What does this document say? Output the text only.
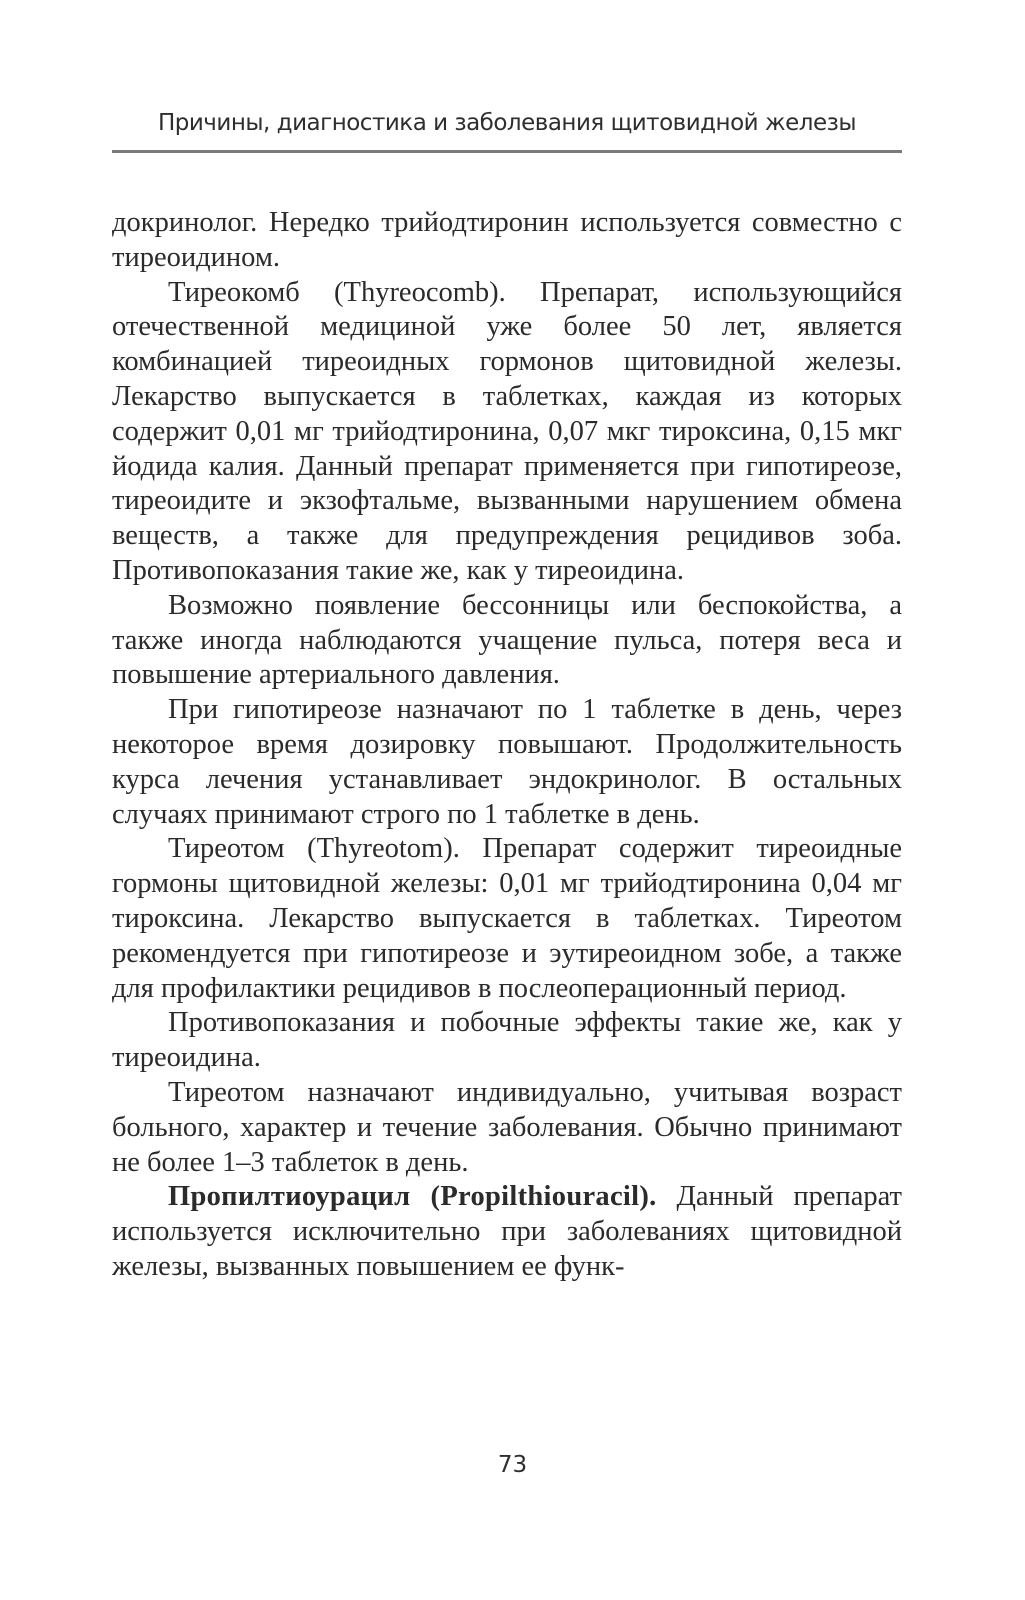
Причины, диагностика и заболевания щитовидной железы

докринолог. Нередко трийодтиронин используется совместно с тиреоидином.

Тиреокомб (Thyreocomb). Препарат, использующийся отечественной медициной уже более 50 лет, является комбинацией тиреоидных гормонов щитовидной железы. Лекарство выпускается в таблетках, каждая из которых содержит 0,01 мг трийодтиронина, 0,07 мкг тироксина, 0,15 мкг йодида калия. Данный препарат применяется при гипотиреозе, тиреоидите и экзофтальме, вызванными нарушением обмена веществ, а также для предупреждения рецидивов зоба. Противопоказания такие же, как у тиреоидина.

Возможно появление бессонницы или беспокойства, а также иногда наблюдаются учащение пульса, потеря веса и повышение артериального давления.

При гипотиреозе назначают по 1 таблетке в день, через некоторое время дозировку повышают. Продолжительность курса лечения устанавливает эндокринолог. В остальных случаях принимают строго по 1 таблетке в день.

Тиреотом (Thyreotom). Препарат содержит тиреоидные гормоны щитовидной железы: 0,01 мг трийодтиронина 0,04 мг тироксина. Лекарство выпускается в таблетках. Тиреотом рекомендуется при гипотиреозе и эутиреоидном зобе, а также для профилактики рецидивов в послеоперационный период.

Противопоказания и побочные эффекты такие же, как у тиреоидина.

Тиреотом назначают индивидуально, учитывая возраст больного, характер и течение заболевания. Обычно принимают не более 1–3 таблеток в день.

Пропилтиоурацил (Propilthiouracil). Данный препарат используется исключительно при заболеваниях щитовидной железы, вызванных повышением ее функ-

73
